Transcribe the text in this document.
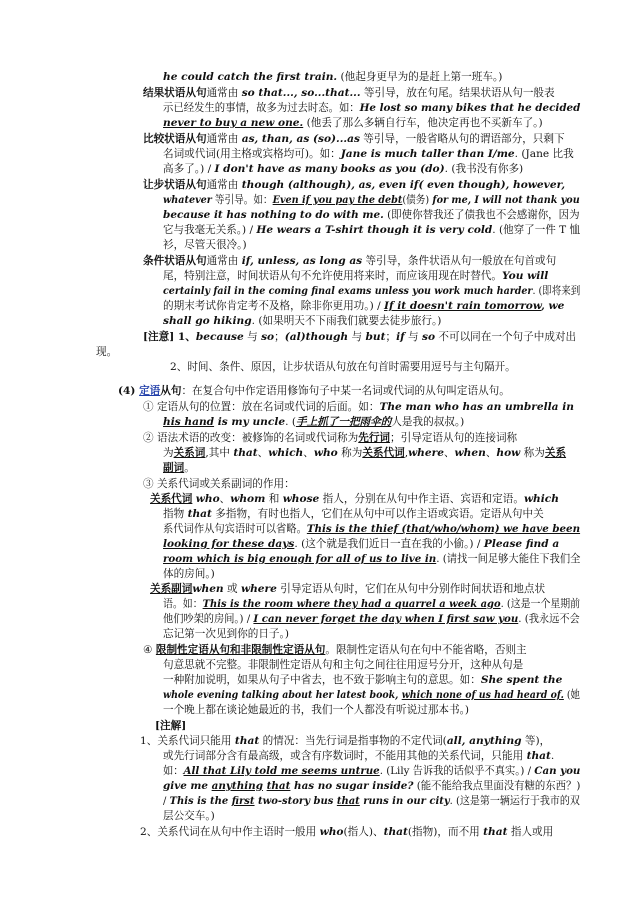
he could catch the first train. (他起身更早为的是赶上第一班车。)
结果状语从句通常由 so that..., so...that... 等引导，放在句尾。结果状语从句一般表
示已经发生的事情，故多为过去时态。如：He lost so many bikes that he decided
never to buy a new one. (他丢了那么多辆自行车，他决定再也不买新车了。)
比较状语从句通常由 as, than, as (so)...as 等引导，一般省略从句的谓语部分，只剩下
名词或代词(用主格或宾格均可)。如：Jane is much taller than I/me. (Jane 比我
高多了。) / I don't have as many books as you (do). (我书没有你多)
让步状语从句通常由 though (although), as, even if( even though), however,
whatever 等引导。如：Even if you pay the debt(债务) for me, I will not thank you
because it has nothing to do with me. (即使你替我还了债我也不会感谢你，因为
它与我毫无关系。) / He wears a T-shirt though it is very cold. (他穿了一件 T 恤
衫，尽管天很冷。)
条件状语从句通常由 if, unless, as long as 等引导，条件状语从句一般放在句首或句
尾，特别注意，时间状语从句不允许使用将来时，而应该用现在时替代。You will
certainly fail in the coming final exams unless you work much harder. (即将来到
的期末考试你肯定考不及格，除非你更用功。) / If it doesn't rain tomorrow, we
shall go hiking. (如果明天不下雨我们就要去徒步旅行。)
[注意] 1、because 与 so；(al)though 与 but；if 与 so 不可以同在一个句子中成对出
现。
2、时间、条件、原因，让步状语从句放在句首时需要用逗号与主句隔开。
(4) 定语从句：在复合句中作定语用修饰句子中某一名词或代词的从句叫定语从句。
① 定语从句的位置：放在名词或代词的后面。如：The man who has an umbrella in
his hand is my uncle. (手上抓了一把雨伞的人是我的叔叔。)
② 语法术语的改变：被修饰的名词或代词称为先行词；引导定语从句的连接词称
为关系词,其中 that、which、who 称为关系代词,where、when、how 称为关系
副词。
③ 关系代词或关系副词的作用：
关系代词 who、whom 和 whose 指人，分别在从句中作主语、宾语和定语。which
指物 that 多指物，有时也指人，它们在从句中可以作主语或宾语。定语从句中关
系代词作从句宾语时可以省略。This is the thief (that/who/whom) we have been
looking for these days. (这个就是我们近日一直在我的小偷。) / Please find a
room which is big enough for all of us to live in. (请找一间足够大能住下我们全
体的房间。)
关系副词when 或 where 引导定语从句时，它们在从句中分别作时间状语和地点状
语。如：This is the room where they had a quarrel a week ago. (这是一个星期前
他们吵架的房间。) / I can never forget the day when I first saw you. (我永远不会
忘记第一次见到你的日子。)
④ 限制性定语从句和非限制性定语从句。限制性定语从句在句中不能省略，否则主
句意思就不完整。非限制性定语从句和主句之间往往用逗号分开，这种从句是
一种附加说明，如果从句子中省去，也不致于影响主句的意思。如：She spent the
whole evening talking about her latest book, which none of us had heard of. (她
一个晚上都在谈论她最近的书，我们一个人都没有听说过那本书。)
[注解]
1、关系代词只能用 that 的情况：当先行词是指事物的不定代词(all, anything 等)，
或先行词部分含有最高级，或含有序数词时，不能用其他的关系代词，只能用 that.
如：All that Lily told me seems untrue. (Lily 告诉我的话似乎不真实。) / Can you
give me anything that has no sugar inside? (能不能给我点里面没有糖的东西？)
/ This is the first two-story bus that runs in our city. (这是第一辆运行于我市的双
层公交车。)
2、关系代词在从句中作主语时一般用 who(指人)、that(指物)，而不用 that 指人或用
